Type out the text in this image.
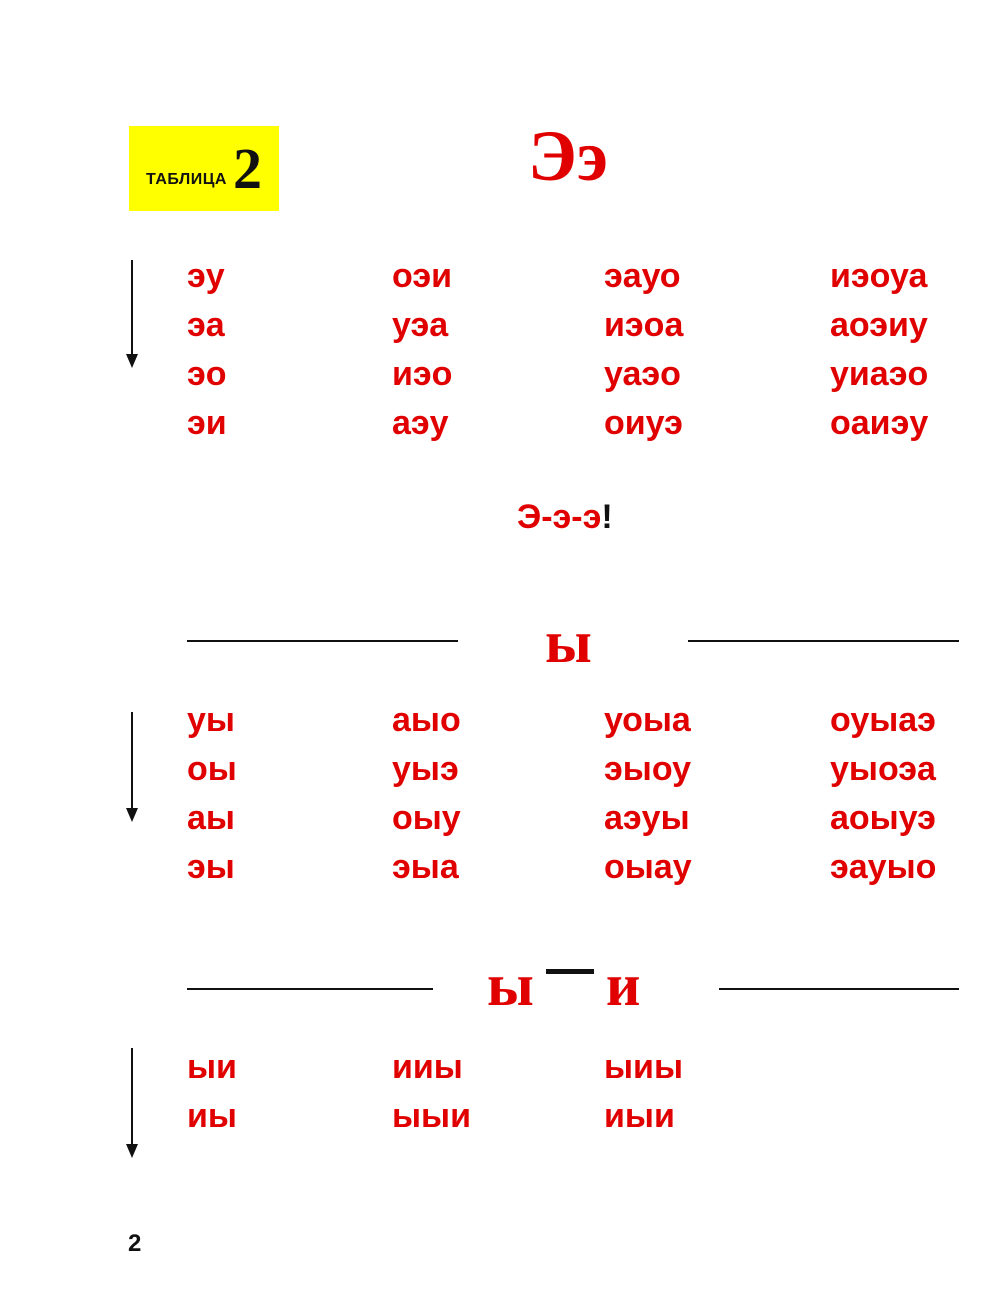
ТАБЛИЦА 2	Ээ
эу	оэи	эауо	иэоуа
эа	уэа	иэоа	аоэиу
эо	иэо	уаэо	уиаэо
эи	аэу	оиуэ	оаиэу
Э-э-э!
ы
уы	аыо	уоыа	оуыаэ
оы	уыэ	эыоу	уыоэа
аы	оыу	аэуы	аоыуэ
эы	эыа	оыау	эауыо
ы и
ыи	ииы	ыиы
иы	ыыи	иыи
2
